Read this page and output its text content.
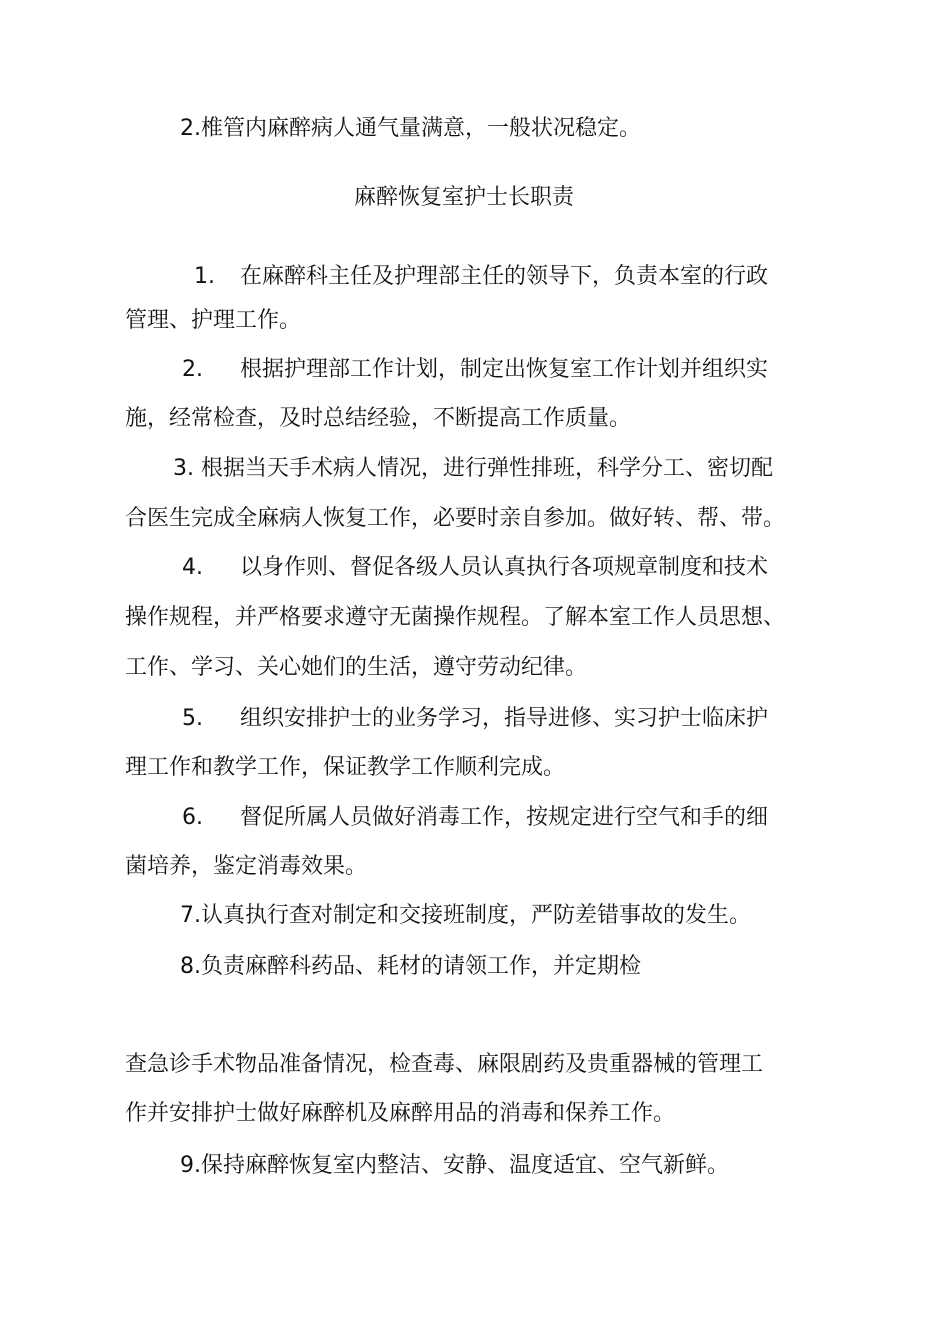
2.椎管内麻醉病人通气量满意，一般状况稳定。
麻醉恢复室护士长职责
1. 在麻醉科主任及护理部主任的领导下，负责本室的行政
管理、护理工作。
2. 根据护理部工作计划，制定出恢复室工作计划并组织实
施，经常检查，及时总结经验，不断提高工作质量。
3. 根据当天手术病人情况，进行弹性排班，科学分工、密切配
合医生完成全麻病人恢复工作，必要时亲自参加。做好转、帮、带。
4. 以身作则、督促各级人员认真执行各项规章制度和技术
操作规程，并严格要求遵守无菌操作规程。了解本室工作人员思想、
工作、学习、关心她们的生活，遵守劳动纪律。
5. 组织安排护士的业务学习，指导进修、实习护士临床护
理工作和教学工作，保证教学工作顺利完成。
6. 督促所属人员做好消毒工作，按规定进行空气和手的细
菌培养，鉴定消毒效果。
7.认真执行查对制定和交接班制度，严防差错事故的发生。
8.负责麻醉科药品、耗材的请领工作，并定期检
查急诊手术物品准备情况，检查毒、麻限剧药及贵重器械的管理工
作并安排护士做好麻醉机及麻醉用品的消毒和保养工作。
9.保持麻醉恢复室内整洁、安静、温度适宜、空气新鲜。
